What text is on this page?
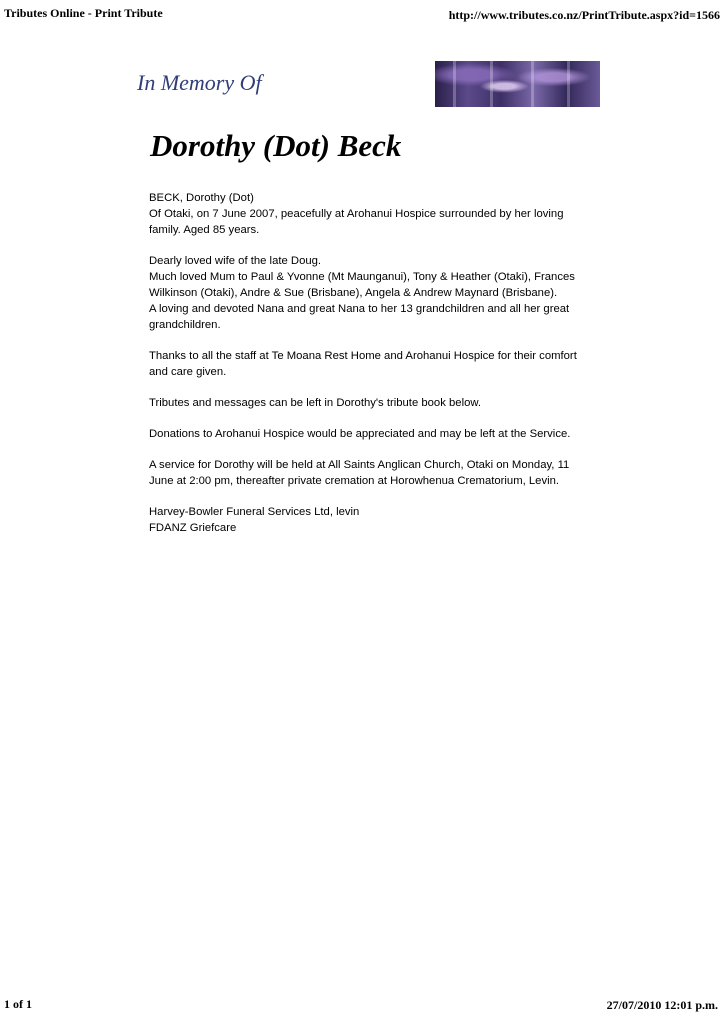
Tributes Online - Print Tribute	http://www.tributes.co.nz/PrintTribute.aspx?id=1566
In Memory Of
Dorothy (Dot) Beck

BECK, Dorothy (Dot)
Of Otaki, on 7 June 2007, peacefully at Arohanui Hospice surrounded by her loving family. Aged 85 years.

Dearly loved wife of the late Doug.
Much loved Mum to Paul & Yvonne (Mt Maunganui), Tony & Heather (Otaki), Frances Wilkinson (Otaki), Andre & Sue (Brisbane), Angela & Andrew Maynard (Brisbane).
A loving and devoted Nana and great Nana to her 13 grandchildren and all her great grandchildren.

Thanks to all the staff at Te Moana Rest Home and Arohanui Hospice for their comfort and care given.

Tributes and messages can be left in Dorothy's tribute book below.

Donations to Arohanui Hospice would be appreciated and may be left at the Service.

A service for Dorothy will be held at All Saints Anglican Church, Otaki on Monday, 11 June at 2:00 pm, thereafter private cremation at Horowhenua Crematorium, Levin.

Harvey-Bowler Funeral Services Ltd, levin
FDANZ Griefcare

1 of 1	27/07/2010 12:01 p.m.
